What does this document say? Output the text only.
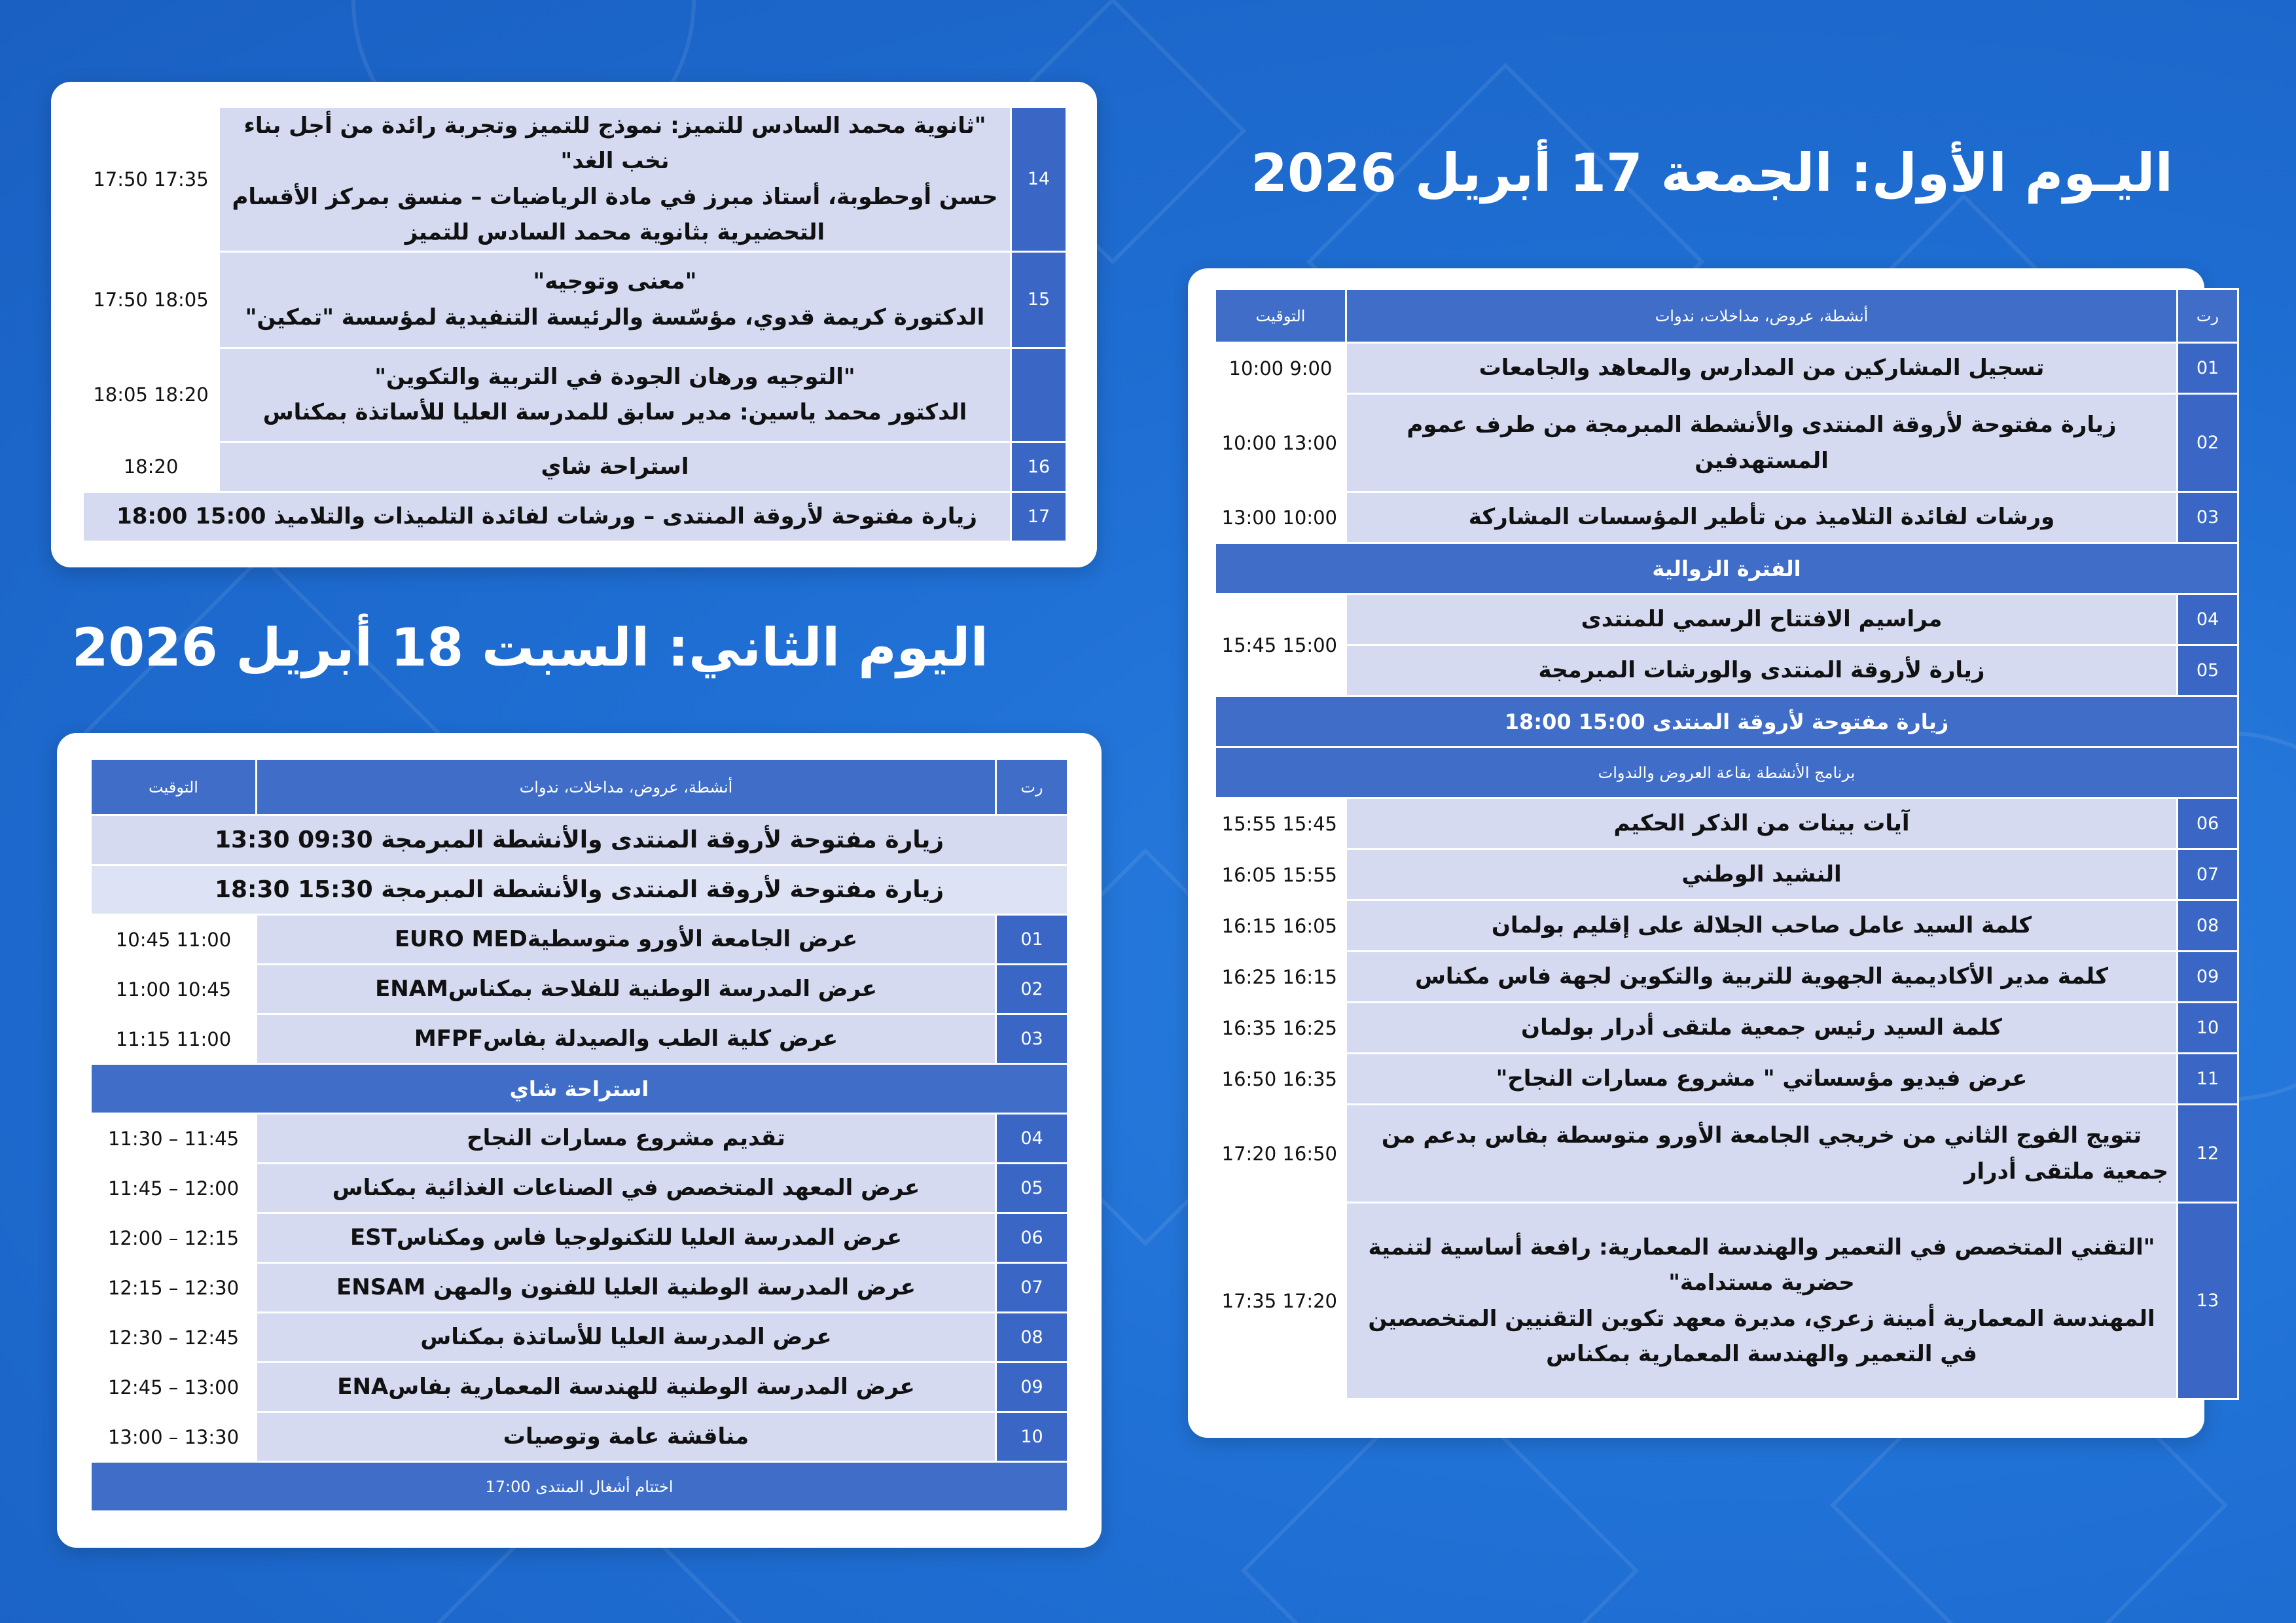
اليـوم الأول: الجمعة 17 أبريل 2026
اليوم الثاني: السبت 18 أبريل 2026
رت	أنشطة، عروض، مداخلات، ندوات	التوقيت
01	تسجيل المشاركين من المدارس والمعاهد والجامعات	10:00 9:00
02	زيارة مفتوحة لأروقة المنتدى والأنشطة المبرمجة من طرف عموم
المستهدفين	10:00 13:00
03	ورشات لفائدة التلاميذ من تأطير المؤسسات المشاركة	13:00 10:00
الفترة الزوالية		
04	مراسيم الافتتاح الرسمي للمنتدى	15:45 15:00
05	زيارة لأروقة المنتدى والورشات المبرمجة	
زيارة مفتوحة لأروقة المنتدى 15:00 18:00		
برنامج الأنشطة بقاعة العروض والندوات		
06	آيات بينات من الذكر الحكيم	15:55 15:45
07	النشيد الوطني	16:05 15:55
08	كلمة السيد عامل صاحب الجلالة على إقليم بولمان	16:15 16:05
09	كلمة مدير الأكاديمية الجهوية للتربية والتكوين لجهة فاس مكناس	16:25 16:15
10	كلمة السيد رئيس جمعية ملتقى أدرار بولمان	16:35 16:25
11	عرض فيديو مؤسساتي " مشروع مسارات النجاح"	16:50 16:35
12	تتويج الفوج الثاني من خريجي الجامعة الأورو متوسطة بفاس بدعم من
جمعية ملتقى أدرار	17:20 16:50
13	"التقني المتخصص في التعمير والهندسة المعمارية: رافعة أساسية لتنمية
حضرية مستدامة"
المهندسة المعمارية أمينة زعري، مديرة معهد تكوين التقنيين المتخصصين
في التعمير والهندسة المعمارية بمكناس	17:35 17:20
14	"ثانوية محمد السادس للتميز: نموذج للتميز وتجربة رائدة من أجل بناء نخب الغد"
حسن أوحطوبة، أستاذ مبرز في مادة الرياضيات – منسق بمركز الأقسام
التحضيرية بثانوية محمد السادس للتميز	17:50 17:35
15	"معنى وتوجيه"
الدكتورة كريمة قدوي، مؤسّسة والرئيسة التنفيدية لمؤسسة "تمكين"	17:50 18:05

	"التوجيه ورهان الجودة في التربية والتكوين"
الدكتور محمد ياسين: مدير سابق للمدرسة العليا للأساتذة بمكناس	18:05 18:20
16	استراحة شاي	18:20
17	زيارة مفتوحة لأروقة المنتدى – ورشات لفائدة التلميذات والتلاميذ 15:00 18:00	
رت	أنشطة، عروض، مداخلات، ندوات	التوقيت
زيارة مفتوحة لأروقة المنتدى والأنشطة المبرمجة 09:30 13:30		
زيارة مفتوحة لأروقة المنتدى والأنشطة المبرمجة 15:30 18:30		
01	عرض الجامعة الأورو متوسطيةEURO MED	10:45 11:00
02	عرض المدرسة الوطنية للفلاحة بمكناسENAM	11:00 10:45
03	عرض كلية الطب والصيدلة بفاسMFPF	11:15 11:00
استراحة شاي		
04	تقديم مشروع مسارات النجاح	11:30 – 11:45
05	عرض المعهد المتخصص في الصناعات الغذائية بمكناس	11:45 – 12:00
06	عرض المدرسة العليا للتكنولوجيا فاس ومكناسEST	12:00 – 12:15
07	عرض المدرسة الوطنية العليا للفنون والمهن ENSAM	12:15 – 12:30
08	عرض المدرسة العليا للأساتذة بمكناس	12:30 – 12:45
09	عرض المدرسة الوطنية للهندسة المعمارية بفاسENA	12:45 – 13:00
10	مناقشة عامة وتوصيات	13:00 – 13:30
اختتام أشغال المنتدى 17:00		
